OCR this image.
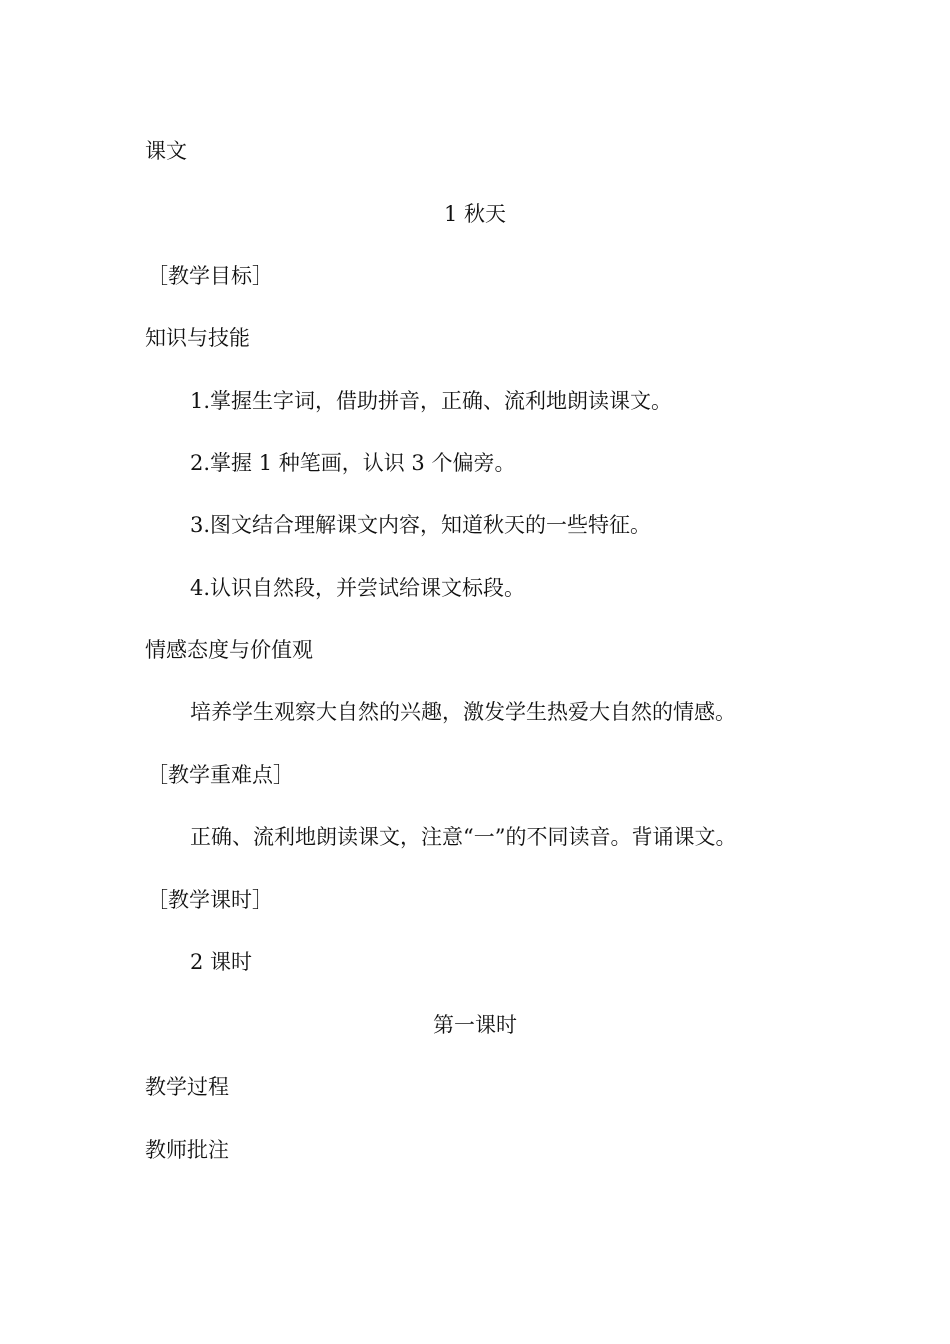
课文
1 秋天
［教学目标］
知识与技能
1.掌握生字词，借助拼音，正确、流利地朗读课文。
2.掌握 1 种笔画，认识 3 个偏旁。
3.图文结合理解课文内容，知道秋天的一些特征。
4.认识自然段，并尝试给课文标段。
情感态度与价值观
培养学生观察大自然的兴趣，激发学生热爱大自然的情感。
［教学重难点］
正确、流利地朗读课文，注意“一”的不同读音。背诵课文。
［教学课时］
2 课时
第一课时
教学过程
教师批注
